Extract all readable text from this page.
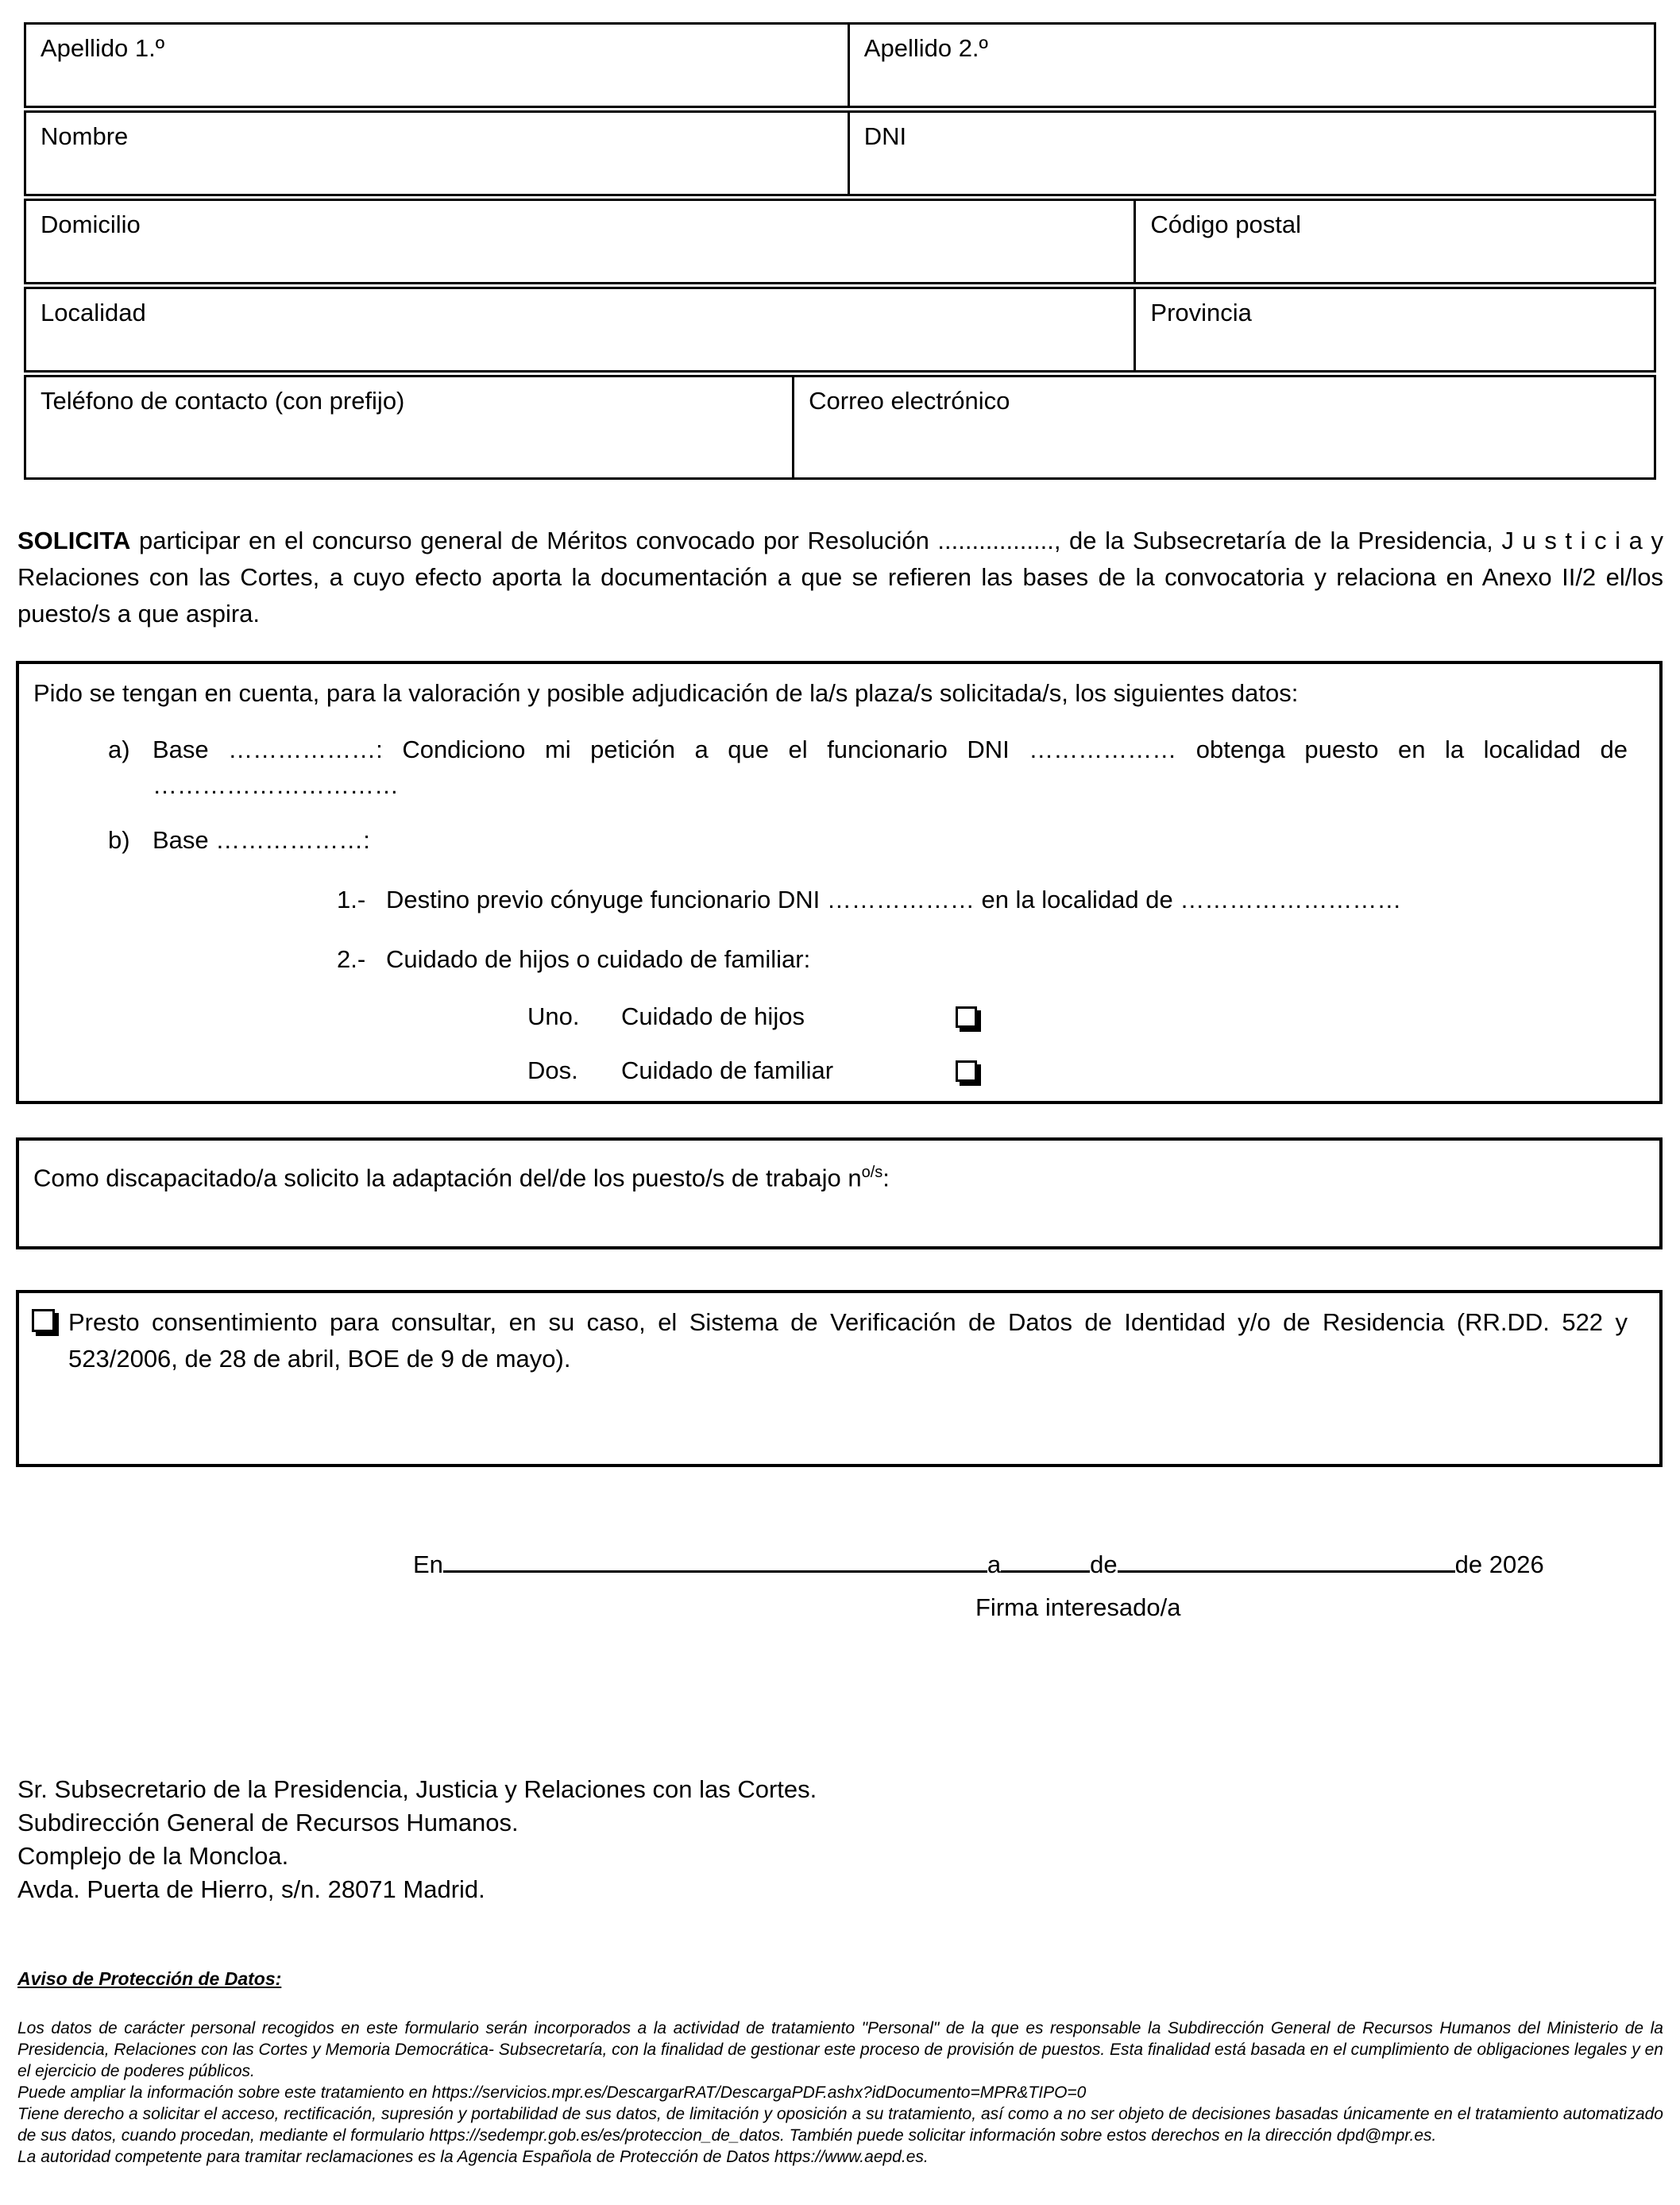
Apellido 1.º	Apellido 2.º
Nombre	DNI
Domicilio	Código postal
Localidad	Provincia
Teléfono de contacto (con prefijo)	Correo electrónico

SOLICITA participar en el concurso general de Méritos convocado por Resolución ................., de la Subsecretaría de la Presidencia, J u s t i c i a y Relaciones con las Cortes, a cuyo efecto aporta la documentación a que se refieren las bases de la convocatoria y relaciona en Anexo II/2 el/los puesto/s a que aspira.

Pido se tengan en cuenta, para la valoración y posible adjudicación de la/s plaza/s solicitada/s, los siguientes datos:

a) Base ………………: Condiciono mi petición a que el funcionario DNI ……………… obtenga puesto en la localidad de …………………………
b) Base ………………:
1.- Destino previo cónyuge funcionario DNI ……………… en la localidad de ………………………
2.- Cuidado de hijos o cuidado de familiar:
Uno.	Cuidado de hijos
Dos.	Cuidado de familiar

Como discapacitado/a solicito la adaptación del/de los puesto/s de trabajo $n^{o/s}$:

Presto consentimiento para consultar, en su caso, el Sistema de Verificación de Datos de Identidad y/o de Residencia (RR.DD. 522 y 523/2006, de 28 de abril, BOE de 9 de mayo).

En	a	de	de 2026

Firma interesado/a

Sr. Subsecretario de la Presidencia, Justicia y Relaciones con las Cortes.

Subdirección General de Recursos Humanos.

Complejo de la Moncloa.

Avda. Puerta de Hierro, s/n. 28071 Madrid.

Aviso de Protección de Datos:

Los datos de carácter personal recogidos en este formulario serán incorporados a la actividad de tratamiento "Personal" de la que es responsable la Subdirección General de Recursos Humanos del Ministerio de la Presidencia, Relaciones con las Cortes y Memoria Democrática- Subsecretaría, con la finalidad de gestionar este proceso de provisión de puestos. Esta finalidad está basada en el cumplimiento de obligaciones legales y en el ejercicio de poderes públicos.

Puede ampliar la información sobre este tratamiento en https://servicios.mpr.es/DescargarRAT/DescargaPDF.ashx?idDocumento=MPR&TIPO=0

Tiene derecho a solicitar el acceso, rectificación, supresión y portabilidad de sus datos, de limitación y oposición a su tratamiento, así como a no ser objeto de decisiones basadas únicamente en el tratamiento automatizado de sus datos, cuando procedan, mediante el formulario https://sedempr.gob.es/es/proteccion_de_datos. También puede solicitar información sobre estos derechos en la dirección dpd@mpr.es.

La autoridad competente para tramitar reclamaciones es la Agencia Española de Protección de Datos https://www.aepd.es.
